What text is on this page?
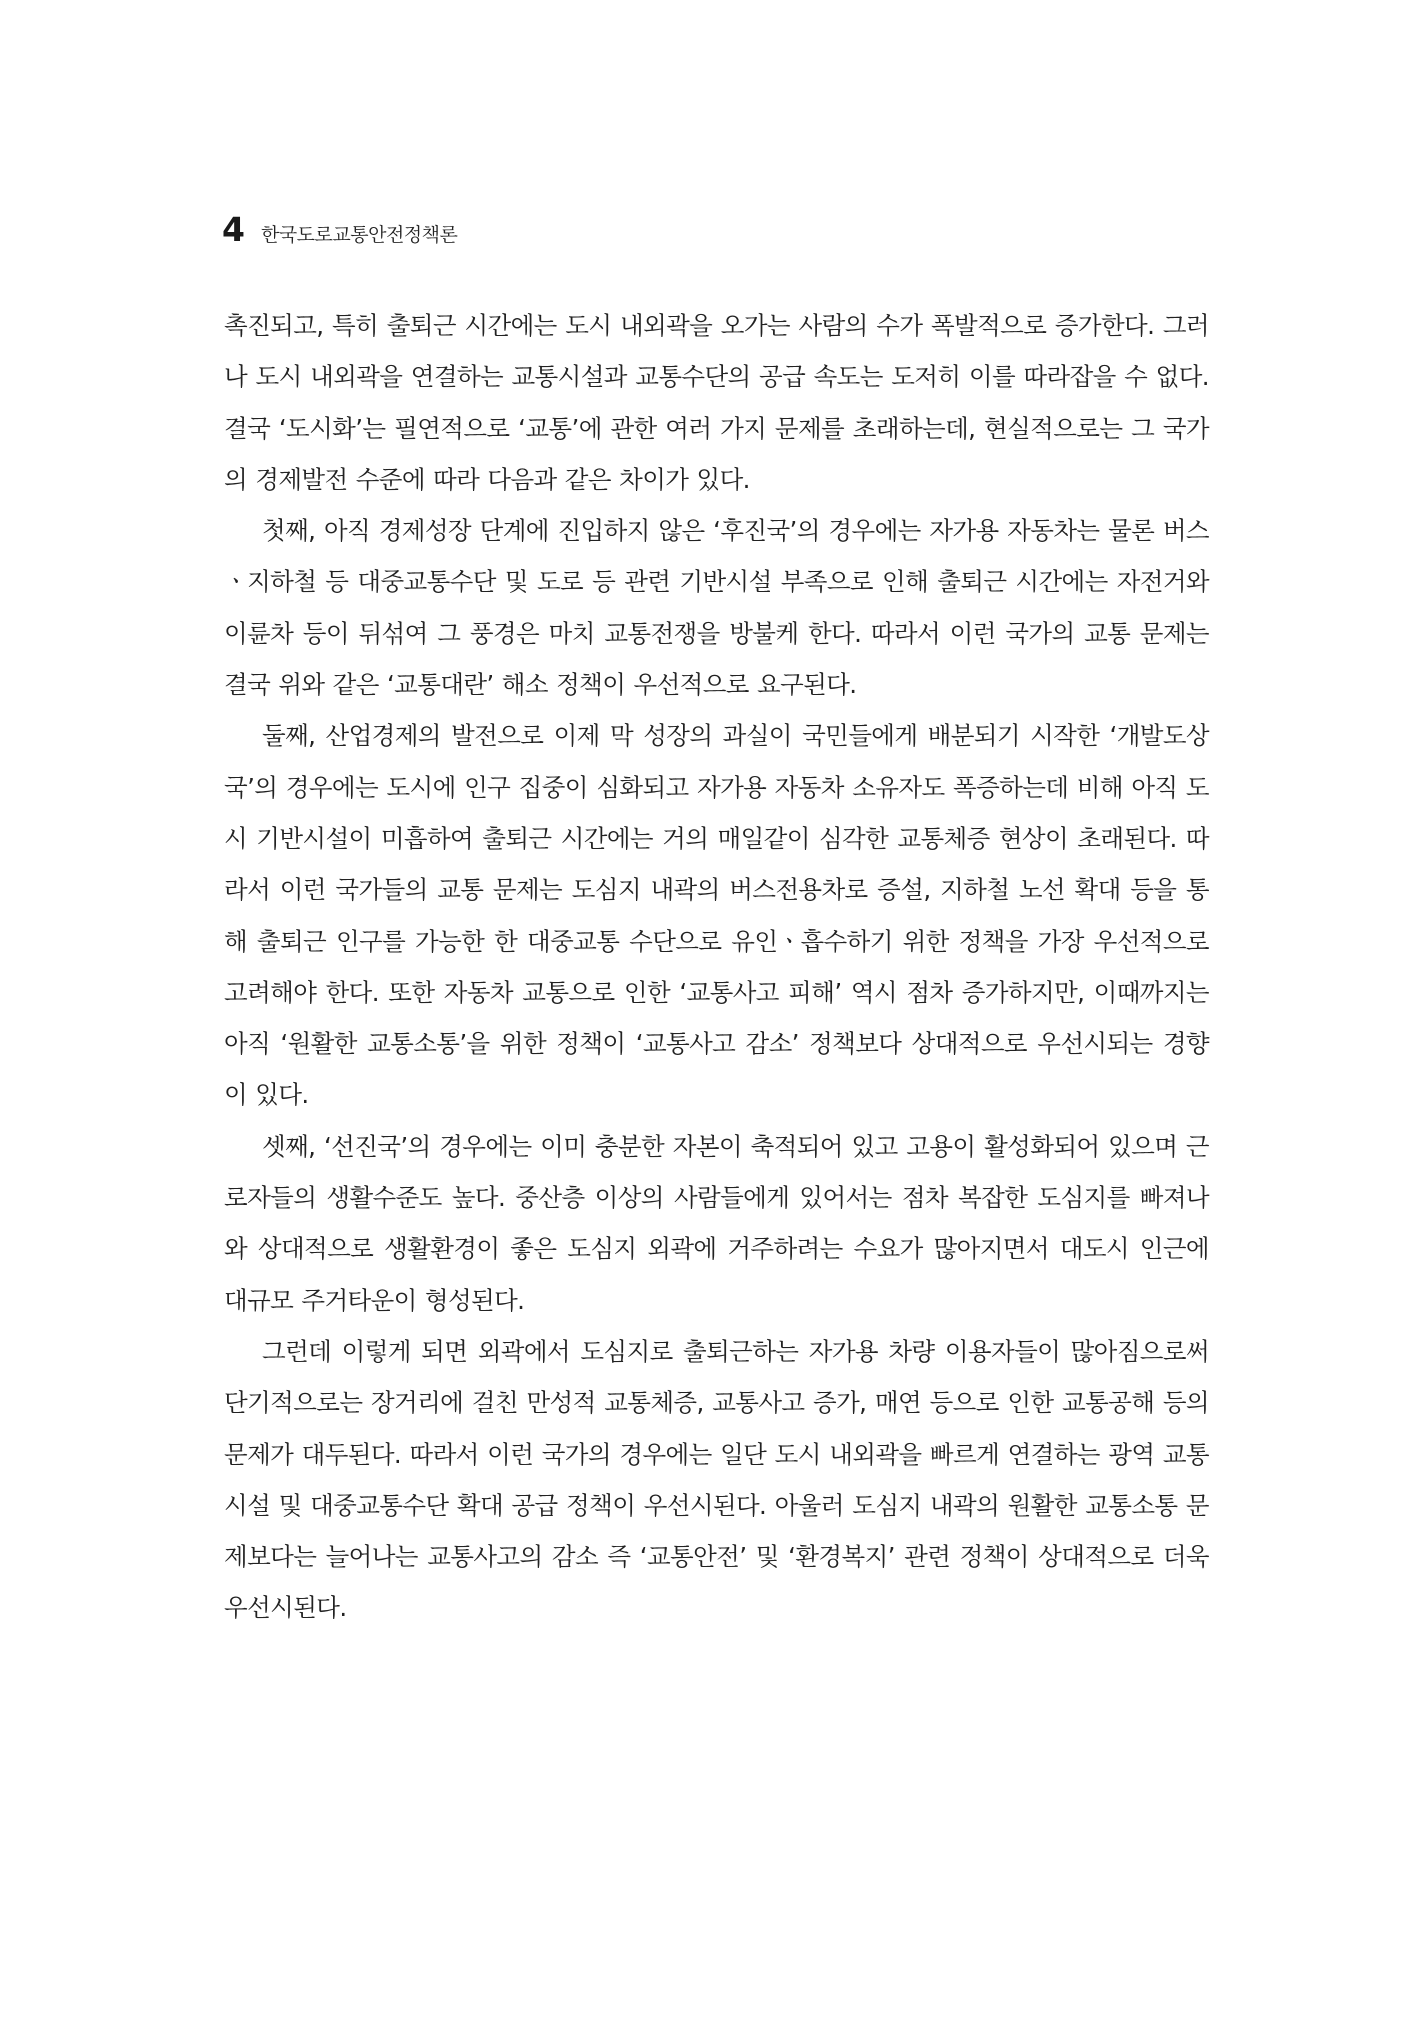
4 한국도로교통안전정책론

촉진되고, 특히 출퇴근 시간에는 도시 내외곽을 오가는 사람의 수가 폭발적으로 증가한다. 그러나 도시 내외곽을 연결하는 교통시설과 교통수단의 공급 속도는 도저히 이를 따라잡을 수 없다. 결국 ‘도시화’는 필연적으로 ‘교통’에 관한 여러 가지 문제를 초래하는데, 현실적으로는 그 국가의 경제발전 수준에 따라 다음과 같은 차이가 있다.

첫째, 아직 경제성장 단계에 진입하지 않은 ‘후진국’의 경우에는 자가용 자동차는 물론 버스ㆍ지하철 등 대중교통수단 및 도로 등 관련 기반시설 부족으로 인해 출퇴근 시간에는 자전거와 이륜차 등이 뒤섞여 그 풍경은 마치 교통전쟁을 방불케 한다. 따라서 이런 국가의 교통 문제는 결국 위와 같은 ‘교통대란’ 해소 정책이 우선적으로 요구된다.

둘째, 산업경제의 발전으로 이제 막 성장의 과실이 국민들에게 배분되기 시작한 ‘개발도상국’의 경우에는 도시에 인구 집중이 심화되고 자가용 자동차 소유자도 폭증하는데 비해 아직 도시 기반시설이 미흡하여 출퇴근 시간에는 거의 매일같이 심각한 교통체증 현상이 초래된다. 따라서 이런 국가들의 교통 문제는 도심지 내곽의 버스전용차로 증설, 지하철 노선 확대 등을 통해 출퇴근 인구를 가능한 한 대중교통 수단으로 유인ㆍ흡수하기 위한 정책을 가장 우선적으로 고려해야 한다. 또한 자동차 교통으로 인한 ‘교통사고 피해’ 역시 점차 증가하지만, 이때까지는 아직 ‘원활한 교통소통’을 위한 정책이 ‘교통사고 감소’ 정책보다 상대적으로 우선시되는 경향이 있다.

셋째, ‘선진국’의 경우에는 이미 충분한 자본이 축적되어 있고 고용이 활성화되어 있으며 근로자들의 생활수준도 높다. 중산층 이상의 사람들에게 있어서는 점차 복잡한 도심지를 빠져나와 상대적으로 생활환경이 좋은 도심지 외곽에 거주하려는 수요가 많아지면서 대도시 인근에 대규모 주거타운이 형성된다.

그런데 이렇게 되면 외곽에서 도심지로 출퇴근하는 자가용 차량 이용자들이 많아짐으로써 단기적으로는 장거리에 걸친 만성적 교통체증, 교통사고 증가, 매연 등으로 인한 교통공해 등의 문제가 대두된다. 따라서 이런 국가의 경우에는 일단 도시 내외곽을 빠르게 연결하는 광역 교통시설 및 대중교통수단 확대 공급 정책이 우선시된다. 아울러 도심지 내곽의 원활한 교통소통 문제보다는 늘어나는 교통사고의 감소 즉 ‘교통안전’ 및 ‘환경복지’ 관련 정책이 상대적으로 더욱 우선시된다.
